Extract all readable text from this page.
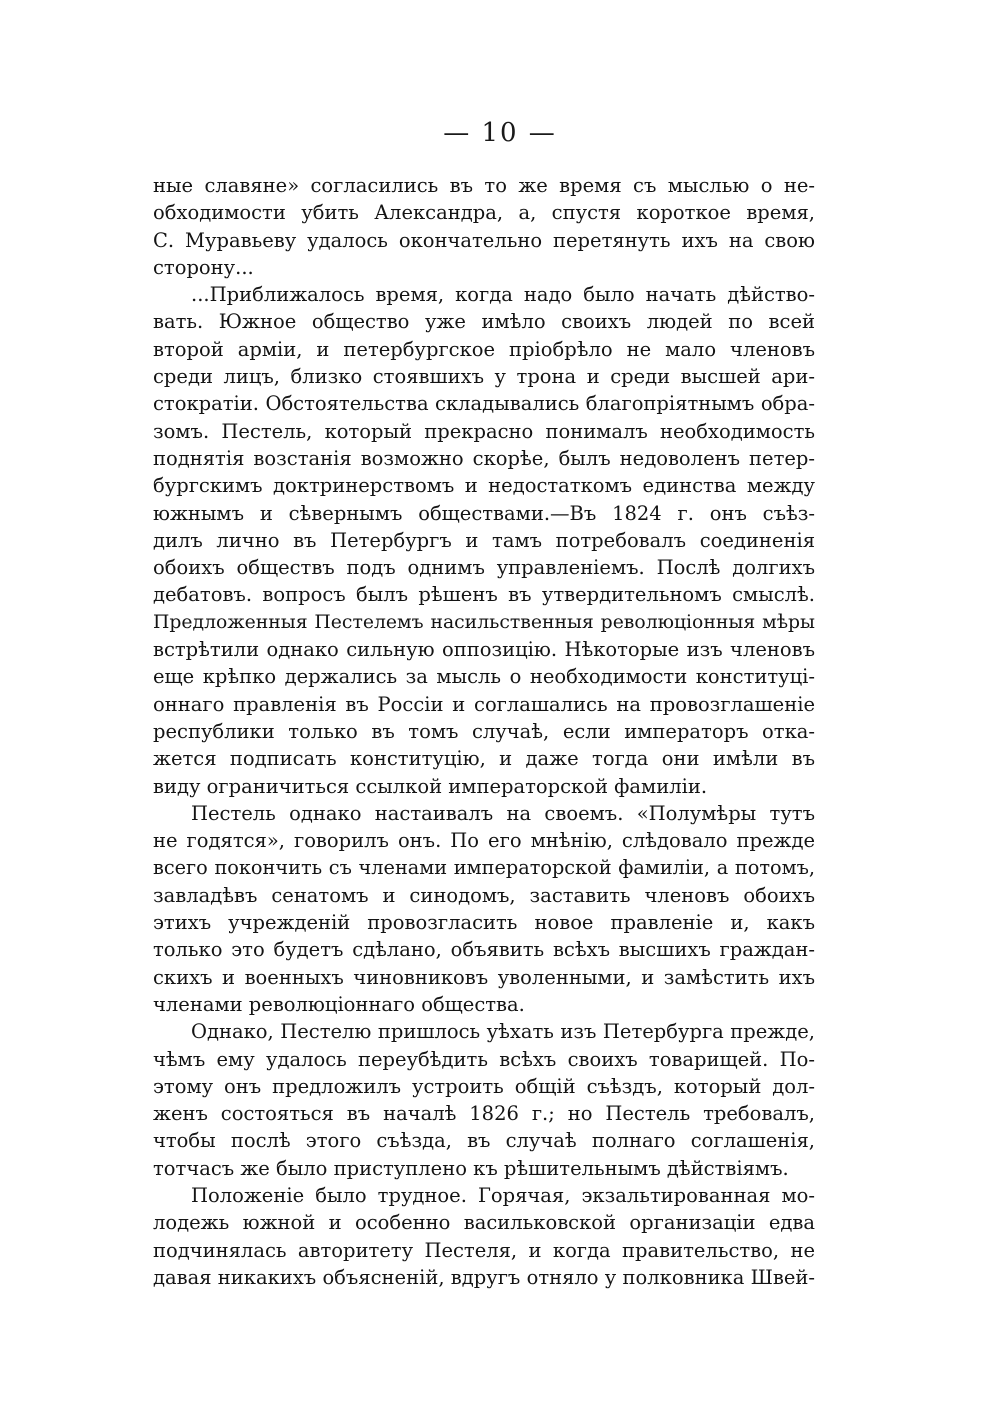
— 10 —
ные славяне» согласились въ то же время съ мыслью о не-
обходимости убить Александра, а, спустя короткое время,
С. Муравьеву удалось окончательно перетянуть ихъ на свою
сторону...
...Приближалось время, когда надо было начать дѣйство-
вать. Южное общество уже имѣло своихъ людей по всей
второй арміи, и петербургское пріобрѣло не мало членовъ
среди лицъ, близко стоявшихъ у трона и среди высшей ари-
стократіи. Обстоятельства складывались благопріятнымъ обра-
зомъ. Пестель, который прекрасно понималъ необходимость
поднятія возстанія возможно скорѣе, былъ недоволенъ петер-
бургскимъ доктринерствомъ и недостаткомъ единства между
южнымъ и сѣвернымъ обществами.—Въ 1824 г. онъ съѣз-
дилъ лично въ Петербургъ и тамъ потребовалъ соединенія
обоихъ обществъ подъ однимъ управленіемъ. Послѣ долгихъ
дебатовъ. вопросъ былъ рѣшенъ въ утвердительномъ смыслѣ.
Предложенныя Пестелемъ насильственныя революціонныя мѣры
встрѣтили однако сильную оппозицію. Нѣкоторые изъ членовъ
еще крѣпко держались за мысль о необходимости конституці-
оннаго правленія въ Россіи и соглашались на провозглашеніе
республики только въ томъ случаѣ, если императоръ отка-
жется подписать конституцію, и даже тогда они имѣли въ
виду ограничиться ссылкой императорской фамиліи.
Пестель однако настаивалъ на своемъ. «Полумѣры тутъ
не годятся», говорилъ онъ. По его мнѣнію, слѣдовало прежде
всего покончить съ членами императорской фамиліи, а потомъ,
завладѣвъ сенатомъ и синодомъ, заставить членовъ обоихъ
этихъ учрежденій провозгласить новое правленіе и, какъ
только это будетъ сдѣлано, объявить всѣхъ высшихъ граждан-
скихъ и военныхъ чиновниковъ уволенными, и замѣстить ихъ
членами революціоннаго общества.
Однако, Пестелю пришлось уѣхать изъ Петербурга прежде,
чѣмъ ему удалось переубѣдить всѣхъ своихъ товарищей. По-
этому онъ предложилъ устроить общій съѣздъ, который дол-
женъ состояться въ началѣ 1826 г.; но Пестель требовалъ,
чтобы послѣ этого съѣзда, въ случаѣ полнаго соглашенія,
тотчасъ же было приступлено къ рѣшительнымъ дѣйствіямъ.
Положеніе было трудное. Горячая, экзальтированная мо-
лодежь южной и особенно васильковской организаціи едва
подчинялась авторитету Пестеля, и когда правительство, не
давая никакихъ объясненій, вдругъ отняло у полковника Швей-
